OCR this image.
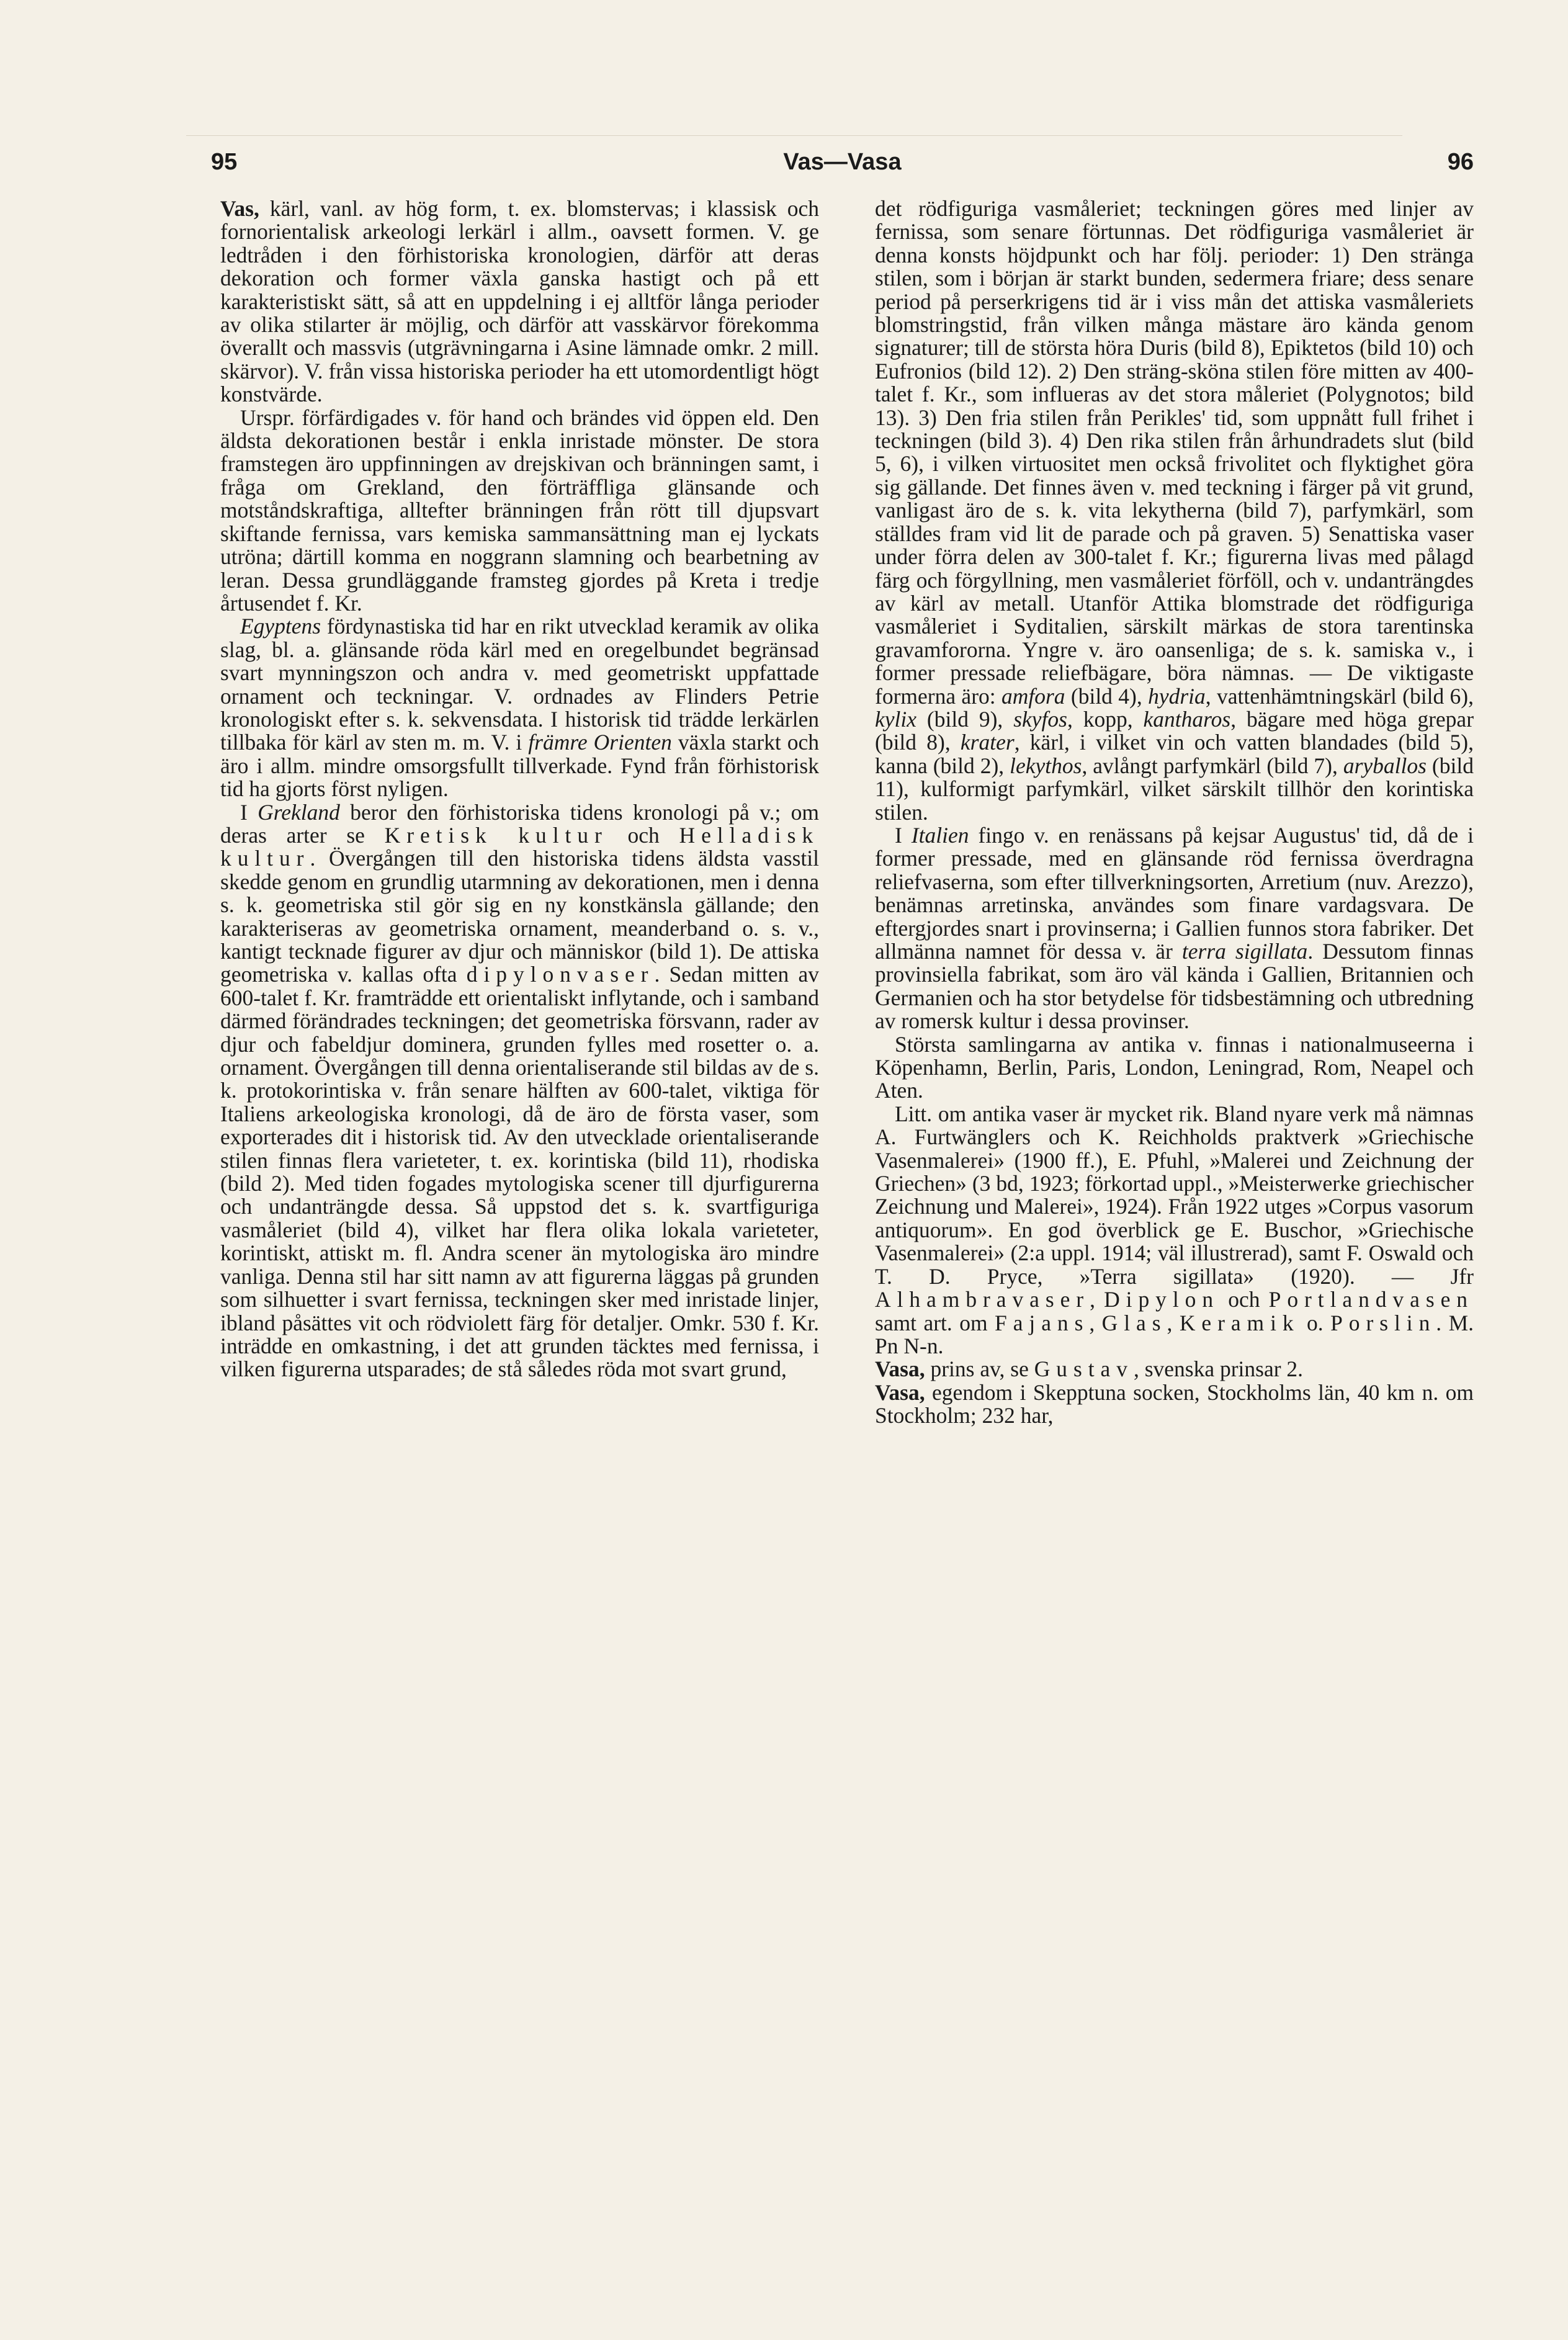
95	Vas—Vasa	96

Vas, kärl, vanl. av hög form, t. ex. blomstervas; i klassisk och fornorientalisk arkeologi lerkärl i allm., oavsett formen. V. ge ledtråden i den förhistoriska kronologien, därför att deras dekoration och former växla ganska hastigt och på ett karakteristiskt sätt, så att en uppdelning i ej alltför långa perioder av olika stilarter är möjlig, och därför att vasskärvor förekomma överallt och massvis (utgrävningarna i Asine lämnade omkr. 2 mill. skärvor). V. från vissa historiska perioder ha ett utomordentligt högt konstvärde.

Urspr. förfärdigades v. för hand och brändes vid öppen eld. Den äldsta dekorationen består i enkla inristade mönster. De stora framstegen äro uppfinningen av drejskivan och bränningen samt, i fråga om Grekland, den förträffliga glänsande och motståndskraftiga, alltefter bränningen från rött till djupsvart skiftande fernissa, vars kemiska sammansättning man ej lyckats utröna; därtill komma en noggrann slamning och bearbetning av leran. Dessa grundläggande framsteg gjordes på Kreta i tredje årtusendet f. Kr.

Egyptens fördynastiska tid har en rikt utvecklad keramik av olika slag, bl. a. glänsande röda kärl med en oregelbundet begränsad svart mynningszon och andra v. med geometriskt uppfattade ornament och teckningar. V. ordnades av Flinders Petrie kronologiskt efter s. k. sekvensdata. I historisk tid trädde lerkärlen tillbaka för kärl av sten m. m. V. i främre Orienten växla starkt och äro i allm. mindre omsorgsfullt tillverkade. Fynd från förhistorisk tid ha gjorts först nyligen.

I Grekland beror den förhistoriska tidens kronologi på v.; om deras arter se Kretisk kultur och Helladisk kultur. Övergången till den historiska tidens äldsta vasstil skedde genom en grundlig utarmning av dekorationen, men i denna s. k. geometriska stil gör sig en ny konstkänsla gällande; den karakteriseras av geometriska ornament, meanderband o. s. v., kantigt tecknade figurer av djur och människor (bild 1). De attiska geometriska v. kallas ofta dipylonvaser. Sedan mitten av 600-talet f. Kr. framträdde ett orientaliskt inflytande, och i samband därmed förändrades teckningen; det geometriska försvann, rader av djur och fabeldjur dominera, grunden fylles med rosetter o. a. ornament. Övergången till denna orientaliserande stil bildas av de s. k. protokorintiska v. från senare hälften av 600-talet, viktiga för Italiens arkeologiska kronologi, då de äro de första vaser, som exporterades dit i historisk tid. Av den utvecklade orientaliserande stilen finnas flera varieteter, t. ex. korintiska (bild 11), rhodiska (bild 2). Med tiden fogades mytologiska scener till djurfigurerna och undanträngde dessa. Så uppstod det s. k. svartfiguriga vasmåleriet (bild 4), vilket har flera olika lokala varieteter, korintiskt, attiskt m. fl. Andra scener än mytologiska äro mindre vanliga. Denna stil har sitt namn av att figurerna läggas på grunden som silhuetter i svart fernissa, teckningen sker med inristade linjer, ibland påsättes vit och rödviolett färg för detaljer. Omkr. 530 f. Kr. inträdde en omkastning, i det att grunden täcktes med fernissa, i vilken figurerna utsparades; de stå således röda mot svart grund,

det rödfiguriga vasmåleriet; teckningen göres med linjer av fernissa, som senare förtunnas. Det rödfiguriga vasmåleriet är denna konsts höjdpunkt och har följ. perioder: 1) Den stränga stilen, som i början är starkt bunden, sedermera friare; dess senare period på perserkrigens tid är i viss mån det attiska vasmåleriets blomstringstid, från vilken många mästare äro kända genom signaturer; till de största höra Duris (bild 8), Epiktetos (bild 10) och Eufronios (bild 12). 2) Den sträng-sköna stilen före mitten av 400-talet f. Kr., som influeras av det stora måleriet (Polygnotos; bild 13). 3) Den fria stilen från Perikles' tid, som uppnått full frihet i teckningen (bild 3). 4) Den rika stilen från århundradets slut (bild 5, 6), i vilken virtuositet men också frivolitet och flyktighet göra sig gällande. Det finnes även v. med teckning i färger på vit grund, vanligast äro de s. k. vita lekytherna (bild 7), parfymkärl, som ställdes fram vid lit de parade och på graven. 5) Senattiska vaser under förra delen av 300-talet f. Kr.; figurerna livas med pålagd färg och förgyllning, men vasmåleriet förföll, och v. undanträngdes av kärl av metall. Utanför Attika blomstrade det rödfiguriga vasmåleriet i Syditalien, särskilt märkas de stora tarentinska gravamfororna. Yngre v. äro oansenliga; de s. k. samiska v., i former pressade reliefbägare, böra nämnas. — De viktigaste formerna äro: amfora (bild 4), hydria, vattenhämtningskärl (bild 6), kylix (bild 9), skyfos, kopp, kantharos, bägare med höga grepar (bild 8), krater, kärl, i vilket vin och vatten blandades (bild 5), kanna (bild 2), lekythos, avlångt parfymkärl (bild 7), aryballos (bild 11), kulformigt parfymkärl, vilket särskilt tillhör den korintiska stilen.

I Italien fingo v. en renässans på kejsar Augustus' tid, då de i former pressade, med en glänsande röd fernissa överdragna reliefvaserna, som efter tillverkningsorten, Arretium (nuv. Arezzo), benämnas arretinska, användes som finare vardagsvara. De eftergjordes snart i provinserna; i Gallien funnos stora fabriker. Det allmänna namnet för dessa v. är terra sigillata. Dessutom finnas provinsiella fabrikat, som äro väl kända i Gallien, Britannien och Germanien och ha stor betydelse för tidsbestämning och utbredning av romersk kultur i dessa provinser.

Största samlingarna av antika v. finnas i nationalmuseerna i Köpenhamn, Berlin, Paris, London, Leningrad, Rom, Neapel och Aten.

Litt. om antika vaser är mycket rik. Bland nyare verk må nämnas A. Furtwänglers och K. Reichholds praktverk »Griechische Vasenmalerei» (1900 ff.), E. Pfuhl, »Malerei und Zeichnung der Griechen» (3 bd, 1923; förkortad uppl., »Meisterwerke griechischer Zeichnung und Malerei», 1924). Från 1922 utges »Corpus vasorum antiquorum». En god överblick ge E. Buschor, »Griechische Vasenmalerei» (2:a uppl. 1914; väl illustrerad), samt F. Oswald och T. D. Pryce, »Terra sigillata» (1920). — Jfr Alhambravaser, Dipylon och Portlandvasen samt art. om Fajans, Glas, Keramik o. Porslin. M. Pn N-n.

Vasa, prins av, se Gustav, svenska prinsar 2.

Vasa, egendom i Skepptuna socken, Stockholms län, 40 km n. om Stockholm; 232 har,
